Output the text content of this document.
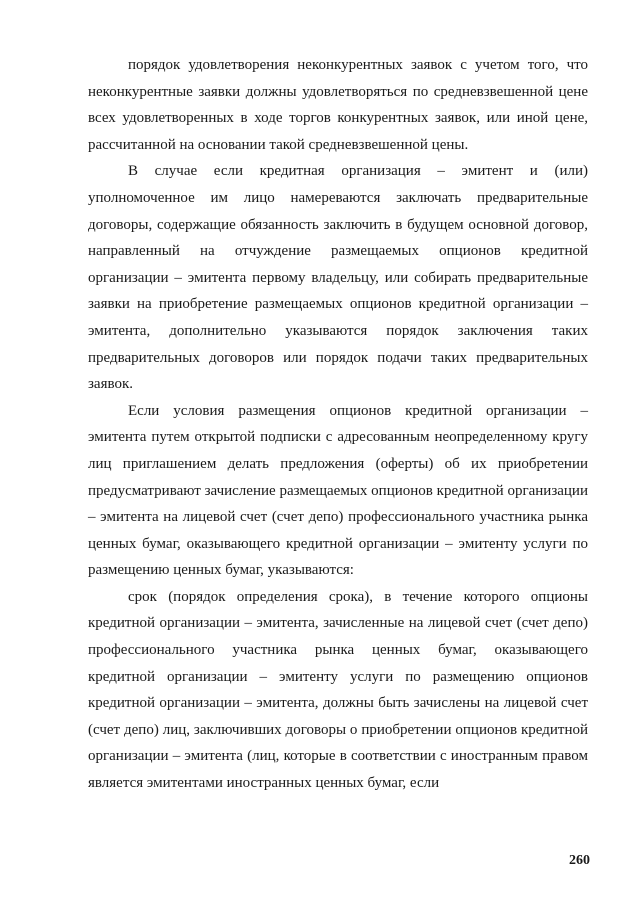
порядок удовлетворения неконкурентных заявок с учетом того, что неконкурентные заявки должны удовлетворяться по средневзвешенной цене всех удовлетворенных в ходе торгов конкурентных заявок, или иной цене, рассчитанной на основании такой средневзвешенной цены.

В случае если кредитная организация – эмитент и (или) уполномоченное им лицо намереваются заключать предварительные договоры, содержащие обязанность заключить в будущем основной договор, направленный на отчуждение размещаемых опционов кредитной организации – эмитента первому владельцу, или собирать предварительные заявки на приобретение размещаемых опционов кредитной организации – эмитента, дополнительно указываются порядок заключения таких предварительных договоров или порядок подачи таких предварительных заявок.

Если условия размещения опционов кредитной организации – эмитента путем открытой подписки с адресованным неопределенному кругу лиц приглашением делать предложения (оферты) об их приобретении предусматривают зачисление размещаемых опционов кредитной организации – эмитента на лицевой счет (счет депо) профессионального участника рынка ценных бумаг, оказывающего кредитной организации – эмитенту услуги по размещению ценных бумаг, указываются:

срок (порядок определения срока), в течение которого опционы кредитной организации – эмитента, зачисленные на лицевой счет (счет депо) профессионального участника рынка ценных бумаг, оказывающего кредитной организации – эмитенту услуги по размещению опционов кредитной организации – эмитента, должны быть зачислены на лицевой счет (счет депо) лиц, заключивших договоры о приобретении опционов кредитной организации – эмитента (лиц, которые в соответствии с иностранным правом является эмитентами иностранных ценных бумаг, если

260
